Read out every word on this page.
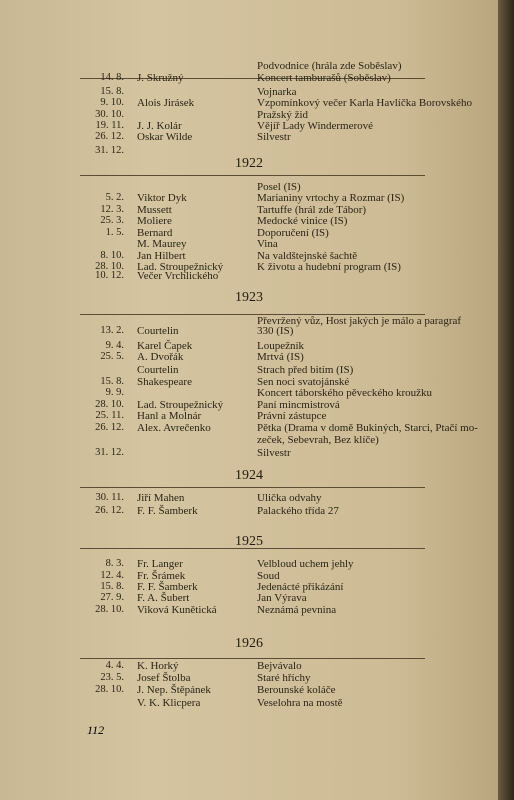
Podvodnice (hrála zde Soběslav)
14. 8. J. Skružný	Koncert tamburašů (Soběslav)
15. 8.	Vojnarka
9. 10. Alois Jirásek	Vzpomínkový večer Karla Havlíčka Borovského
30. 10.	Pražský žid
19. 11. J. J. Kolár	Vějíř Lady Windermerové
26. 12. Oskar Wilde	Silvestr
31. 12.
1922
Posel (IS)
5. 2. Viktor Dyk	Marianiny vrtochy a Rozmar (IS)
12. 3. Mussett	Tartuffe (hrál zde Tábor)
25. 3. Moliere	Medocké vinice (IS)
1. 5. Bernard	Doporučení (IS)
M. Maurey	Vina
8. 10. Jan Hilbert	Na valdštejnské šachtě
28. 10. Lad. Stroupežnický	K životu a hudební program (IS)
10. 12. Večer Vrchlického
1923
Převržený vůz, Host jakých je málo a paragraf
13. 2. Courtelin	330 (IS)
9. 4. Karel Čapek	Loupežník
25. 5. A. Dvořák	Mrtvá (IS)
Courtelin	Strach před bitím (IS)
15. 8. Shakespeare	Sen noci svatojánské
9. 9.	Koncert táborského pěveckého kroužku
28. 10. Lad. Stroupežnický	Paní mincmistrová
25. 11. Hanl a Molnár	Právní zástupce
26. 12. Alex. Avrečenko	Pětka (Drama v domě Bukiných, Starci, Ptačí mo-
zeček, Sebevrah, Bez klíče)
31. 12.	Silvestr
1924
30. 11. Jiří Mahen	Ulička odvahy
26. 12. F. F. Šamberk	Palackého třída 27
1925
8. 3. Fr. Langer	Velbloud uchem jehly
12. 4. Fr. Šrámek	Soud
15. 8. F. F. Šamberk	Jedenácté přikázání
27. 9. F. A. Šubert	Jan Výrava
28. 10. Viková Kunětická	Neznámá pevnina
1926
4. 4. K. Horký	Bejvávalo
23. 5. Josef Štolba	Staré hříchy
28. 10. J. Nep. Štěpánek	Berounské koláče
V. K. Klicpera	Veselohra na mostě
112
